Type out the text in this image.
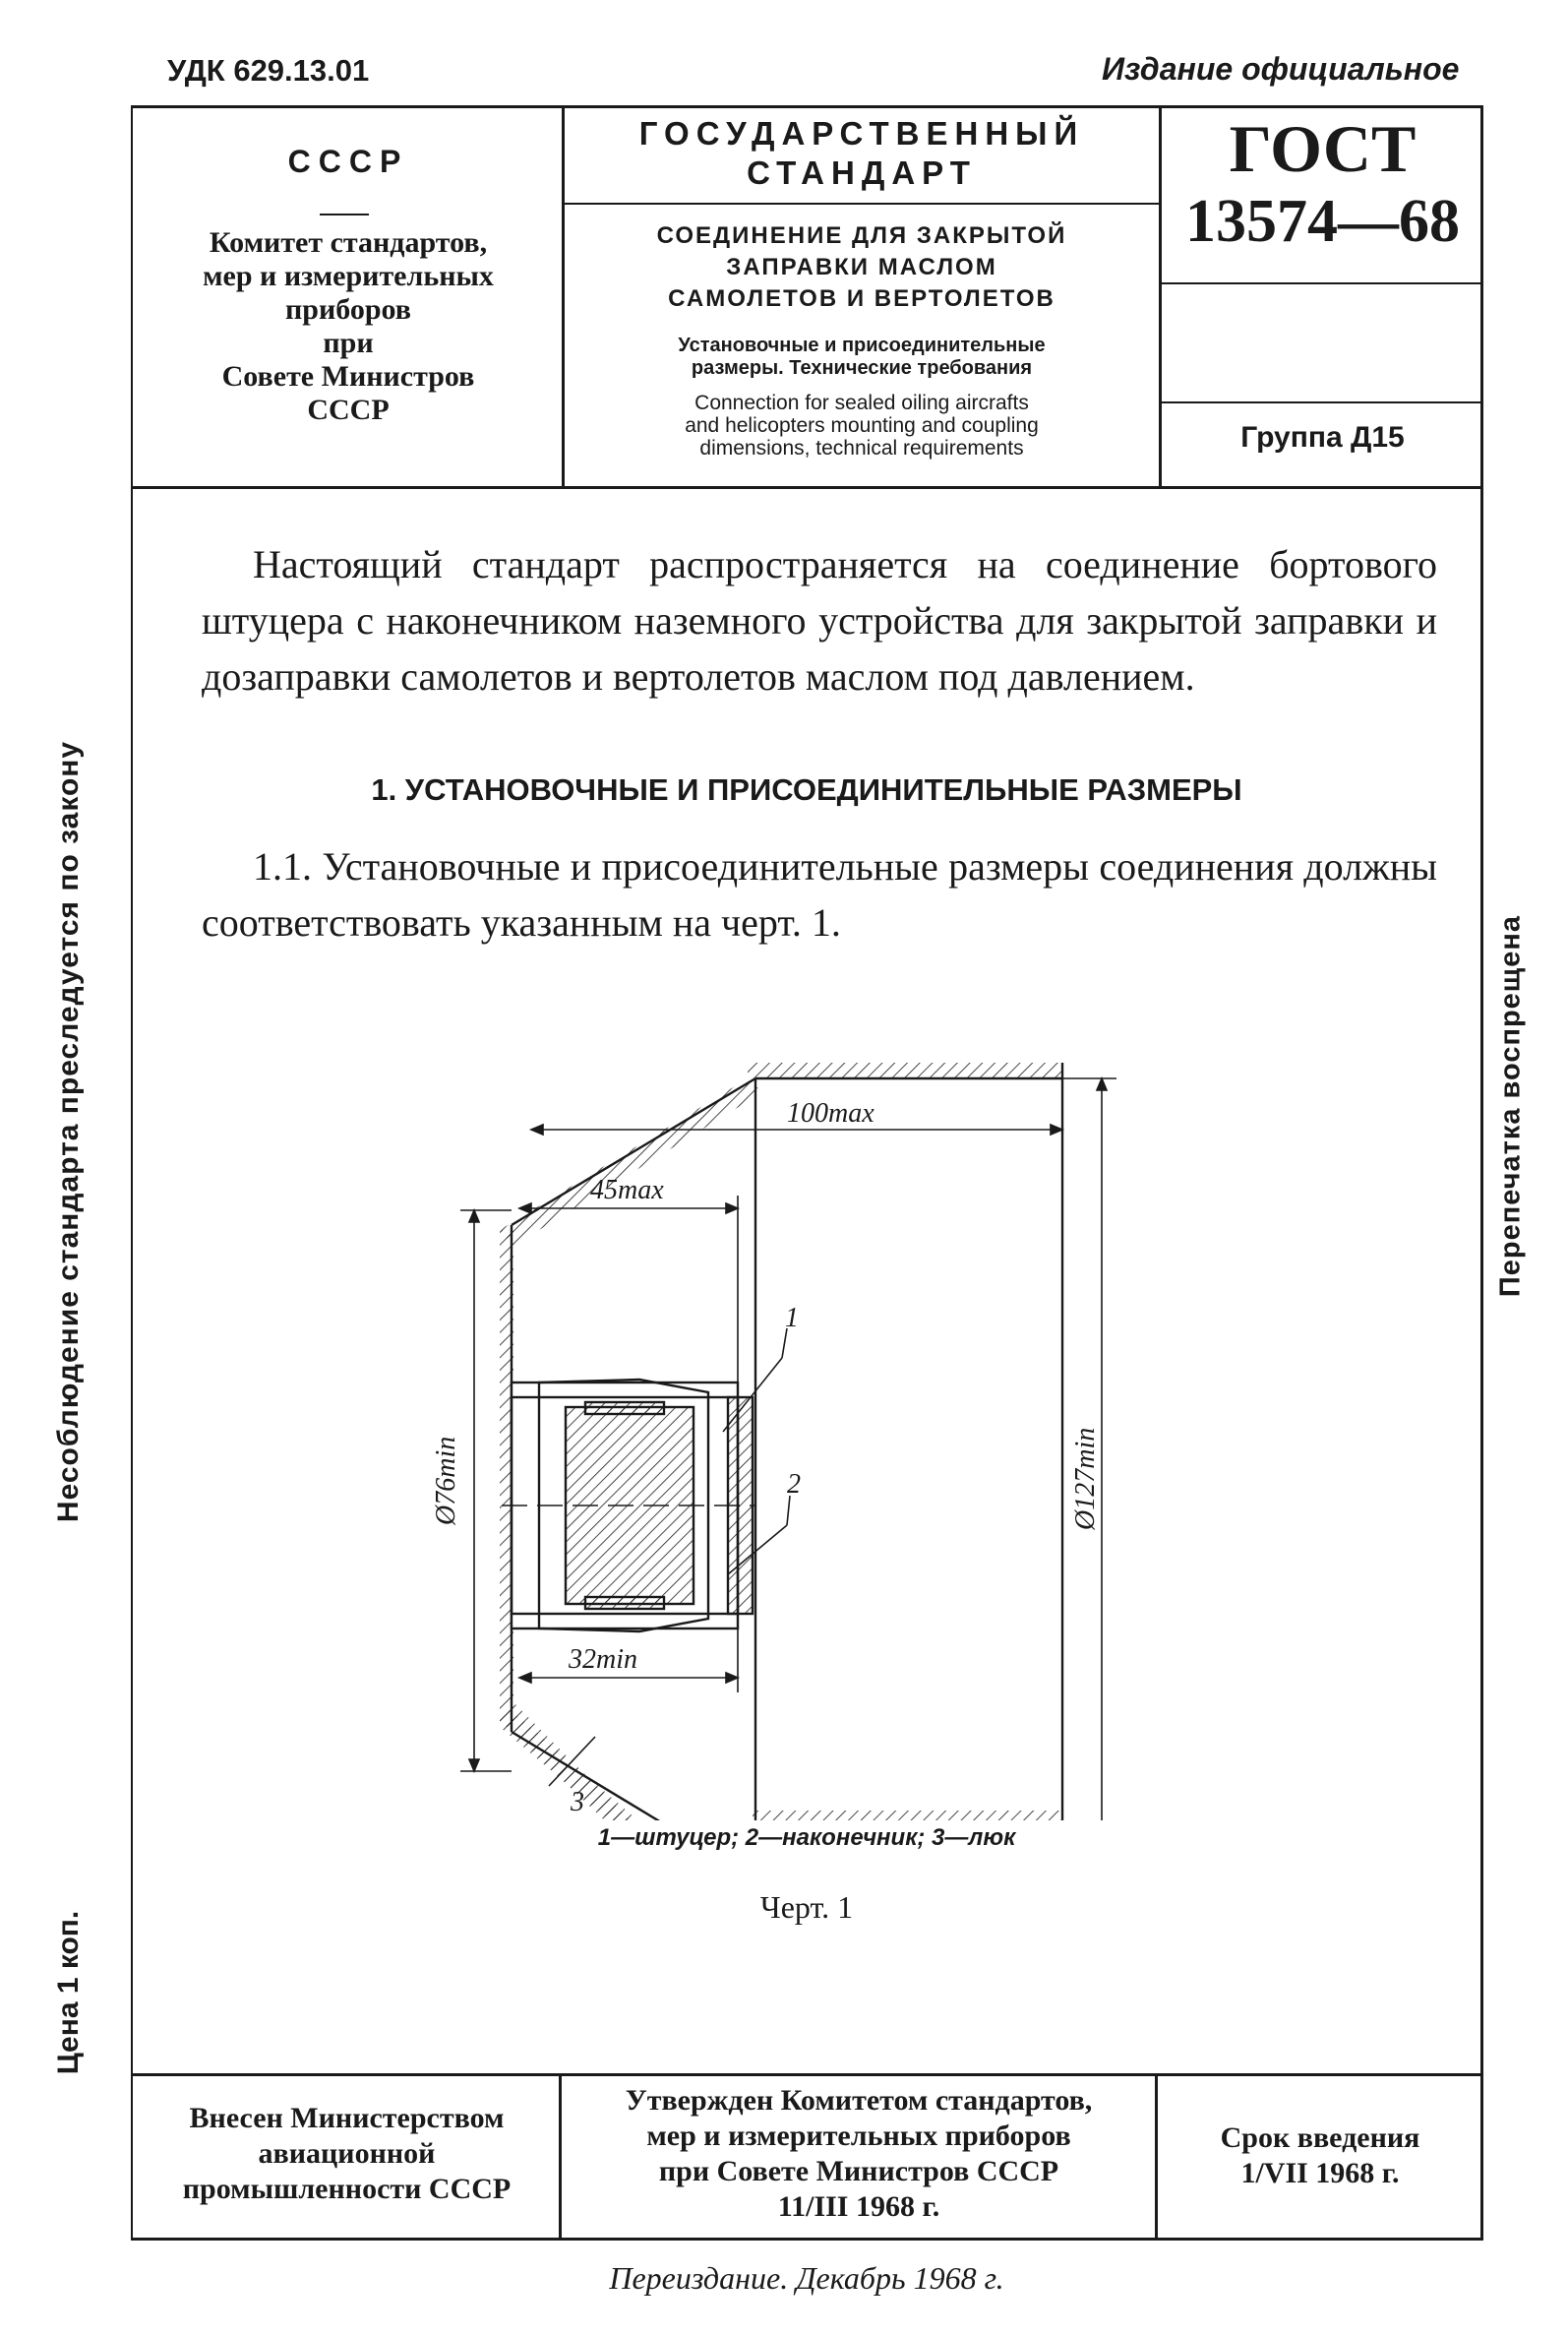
УДК 629.13.01	Издание официальное
СССР
Комитет стандартов,
мер и измерительных
приборов
при
Совете Министров
СССР
ГОСУДАРСТВЕННЫЙ
СТАНДАРТ
СОЕДИНЕНИЕ ДЛЯ ЗАКРЫТОЙ
ЗАПРАВКИ МАСЛОМ
САМОЛЕТОВ И ВЕРТОЛЕТОВ
Установочные и присоединительные
размеры. Технические требования
Connection for sealed oiling aircrafts
and helicopters mounting and coupling
dimensions, technical requirements
ГОСТ
13574—68
Группа Д15
Несоблюдение стандарта преследуется по закону	Перепечатка воспрещена
Цена 1 коп.
Настоящий стандарт распространяется на соединение бортового штуцера с наконечником наземного устройства для закрытой заправки и дозаправки самолетов и вертолетов маслом под давлением.
1. УСТАНОВОЧНЫЕ И ПРИСОЕДИНИТЕЛЬНЫЕ РАЗМЕРЫ
1.1. Установочные и присоединительные размеры соединения должны соответствовать указанным на черт. 1.
100max
45max
32min
Ø76min	Ø127min
1
2
3
1—штуцер; 2—наконечник; 3—люк
Черт. 1
Внесен Министерством
авиационной
промышленности СССР
Утвержден Комитетом стандартов,
мер и измерительных приборов
при Совете Министров СССР
11/III 1968 г.
Срок введения
1/VII 1968 г.
Переиздание. Декабрь 1968 г.
